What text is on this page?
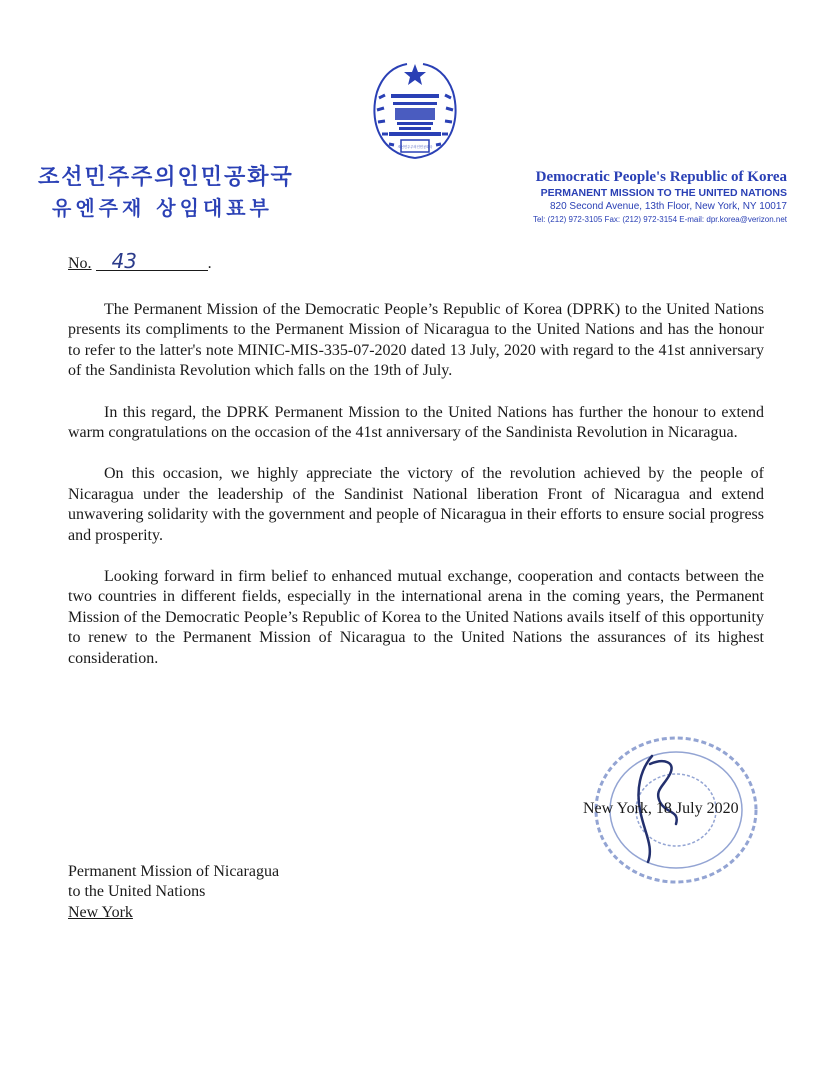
조선민주주의인민공화국
조선민주주의인민공화국
유엔주재 상임대표부
Democratic People's Republic of Korea
PERMANENT MISSION TO THE UNITED NATIONS
820 Second Avenue, 13th Floor, New York, NY 10017
Tel: (212) 972-3105 Fax: (212) 972-3154 E-mail: dpr.korea@verizon.net
No. 43	.

The Permanent Mission of the Democratic People’s Republic of Korea (DPRK) to the United Nations presents its compliments to the Permanent Mission of Nicaragua to the United Nations and has the honour to refer to the latter's note MINIC-MIS-335-07-2020 dated 13 July, 2020 with regard to the 41st anniversary of the Sandinista Revolution which falls on the 19th of July.

In this regard, the DPRK Permanent Mission to the United Nations has further the honour to extend warm congratulations on the occasion of the 41st anniversary of the Sandinista Revolution in Nicaragua.

On this occasion, we highly appreciate the victory of the revolution achieved by the people of Nicaragua under the leadership of the Sandinist National liberation Front of Nicaragua and extend unwavering solidarity with the government and people of Nicaragua in their efforts to ensure social progress and prosperity.

Looking forward in firm belief to enhanced mutual exchange, cooperation and contacts between the two countries in different fields, especially in the international arena in the coming years, the Permanent Mission of the Democratic People’s Republic of Korea to the United Nations avails itself of this opportunity to renew to the Permanent Mission of Nicaragua to the United Nations the assurances of its highest consideration.

New York, 18 July 2020
Permanent Mission of Nicaragua
to the United Nations
New York
